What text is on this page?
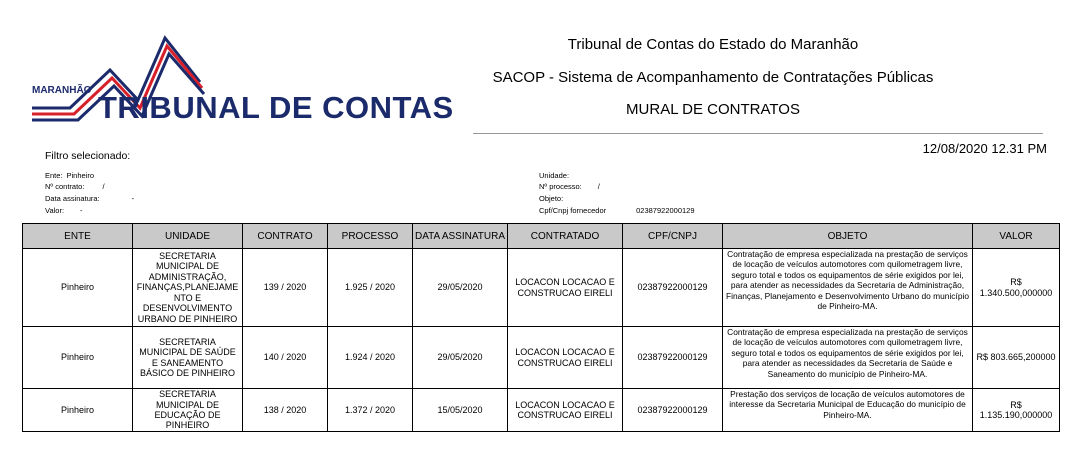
MARANHÃO TRIBUNAL DE CONTAS
Tribunal de Contas do Estado do Maranhão
SACOP - Sistema de Acompanhamento de Contratações Públicas
MURAL DE CONTRATOS
12/08/2020 12.31 PM
Filtro selecionado:
Ente: Pinheiro
Nº contrato: /
Data assinatura:	-
Valor: -
Unidade:
Nº processo: /
Objeto:
Cpf/Cnpj fornecedor	02387922000129
ENTE	UNIDADE	CONTRATO	PROCESSO	DATA ASSINATURA	CONTRATADO	CPF/CNPJ	OBJETO	VALOR
Pinheiro	SECRETARIA MUNICIPAL DE ADMINISTRAÇÃO, FINANÇAS,PLANEJAME NTO E DESENVOLVIMENTO URBANO DE PINHEIRO	139 / 2020	1.925 / 2020	29/05/2020	LOCACON LOCACAO E CONSTRUCAO EIRELI	02387922000129	Contratação de empresa especializada na prestação de serviços de locação de veículos automotores com quilometragem livre, seguro total e todos os equipamentos de série exigidos por lei, para atender as necessidades da Secretaria de Administração, Finanças, Planejamento e Desenvolvimento Urbano do município de Pinheiro-MA.	R$ 1.340.500,000000
Pinheiro	SECRETARIA MUNICIPAL DE SAÚDE E SANEAMENTO BÁSICO DE PINHEIRO	140 / 2020	1.924 / 2020	29/05/2020	LOCACON LOCACAO E CONSTRUCAO EIRELI	02387922000129	Contratação de empresa especializada na prestação de serviços de locação de veículos automotores com quilometragem livre, seguro total e todos os equipamentos de série exigidos por lei, para atender as necessidades da Secretaria de Saúde e Saneamento do município de Pinheiro-MA.	R$ 803.665,200000
Pinheiro	SECRETARIA MUNICIPAL DE EDUCAÇÃO DE PINHEIRO	138 / 2020	1.372 / 2020	15/05/2020	LOCACON LOCACAO E CONSTRUCAO EIRELI	02387922000129	Prestação dos serviços de locação de veículos automotores de interesse da Secretaria Municipal de Educação do município de Pinheiro-MA.	R$ 1.135.190,000000
